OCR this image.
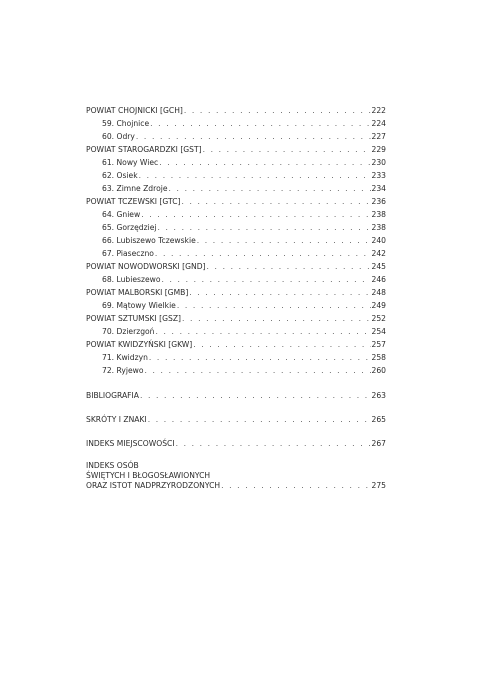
POWIAT CHOJNICKI [GCH] . . .	222
59. Chojnice . . .	224
60. Odry . . .	227
POWIAT STAROGARDZKI [GST] . . .	229
61. Nowy Wiec . . .	230
62. Osiek . . .	233
63. Zimne Zdroje . . .	234
POWIAT TCZEWSKI [GTC] . . .	236
64. Gniew . . .	238
65. Gorzędziej . . .	238
66. Lubiszewo Tczewskie . . .	240
67. Piaseczno . . .	242
POWIAT NOWODWORSKI [GND] . . .	245
68. Lubieszewo . . .	246
POWIAT MALBORSKI [GMB] . . .	248
69. Mątowy Wielkie . . .	249
POWIAT SZTUMSKI [GSZ] . . .	252
70. Dzierzgoń . . .	254
POWIAT KWIDZYŃSKI [GKW] . . .	257
71. Kwidzyn . . .	258
72. Ryjewo . . .	260
BIBLIOGRAFIA . . .	263
SKRÓTY I ZNAKI . . .	265
INDEKS MIEJSCOWOŚCI . . .	267
INDEKS OSÓB
ŚWIĘTYCH I BŁOGOSŁAWIONYCH
ORAZ ISTOT NADPRZYRODZONYCH . . .	275
